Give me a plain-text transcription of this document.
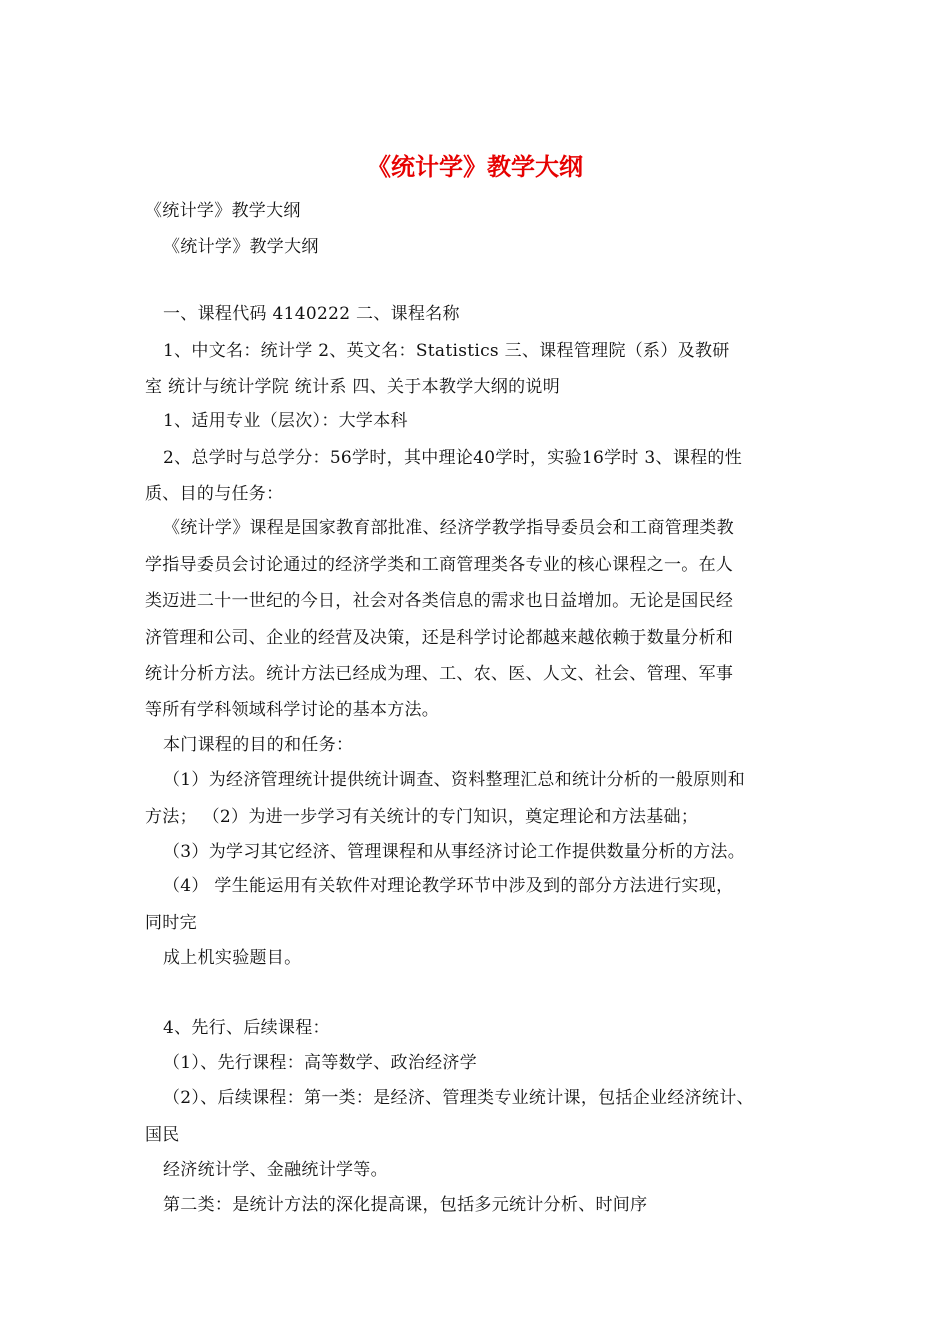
《统计学》教学大纲
《统计学》教学大纲
《统计学》教学大纲
一、课程代码 4140222 二、课程名称
1、中文名：统计学 2、英文名：Statistics 三、课程管理院（系）及教研
室 统计与统计学院 统计系 四、关于本教学大纲的说明
1、适用专业（层次）：大学本科
2、总学时与总学分：56学时，其中理论40学时，实验16学时 3、课程的性
质、目的与任务：
《统计学》课程是国家教育部批准、经济学教学指导委员会和工商管理类教
学指导委员会讨论通过的经济学类和工商管理类各专业的核心课程之一。在人
类迈进二十一世纪的今日，社会对各类信息的需求也日益增加。无论是国民经
济管理和公司、企业的经营及决策，还是科学讨论都越来越依赖于数量分析和
统计分析方法。统计方法已经成为理、工、农、医、人文、社会、管理、军事
等所有学科领域科学讨论的基本方法。
本门课程的目的和任务：
（1）为经济管理统计提供统计调查、资料整理汇总和统计分析的一般原则和
方法； （2）为进一步学习有关统计的专门知识，奠定理论和方法基础；
（3）为学习其它经济、管理课程和从事经济讨论工作提供数量分析的方法。
（4） 学生能运用有关软件对理论教学环节中涉及到的部分方法进行实现，
同时完
成上机实验题目。
4、先行、后续课程：
（1）、先行课程：高等数学、政治经济学
（2）、后续课程：第一类：是经济、管理类专业统计课，包括企业经济统计、
国民
经济统计学、金融统计学等。
第二类：是统计方法的深化提高课，包括多元统计分析、时间序
